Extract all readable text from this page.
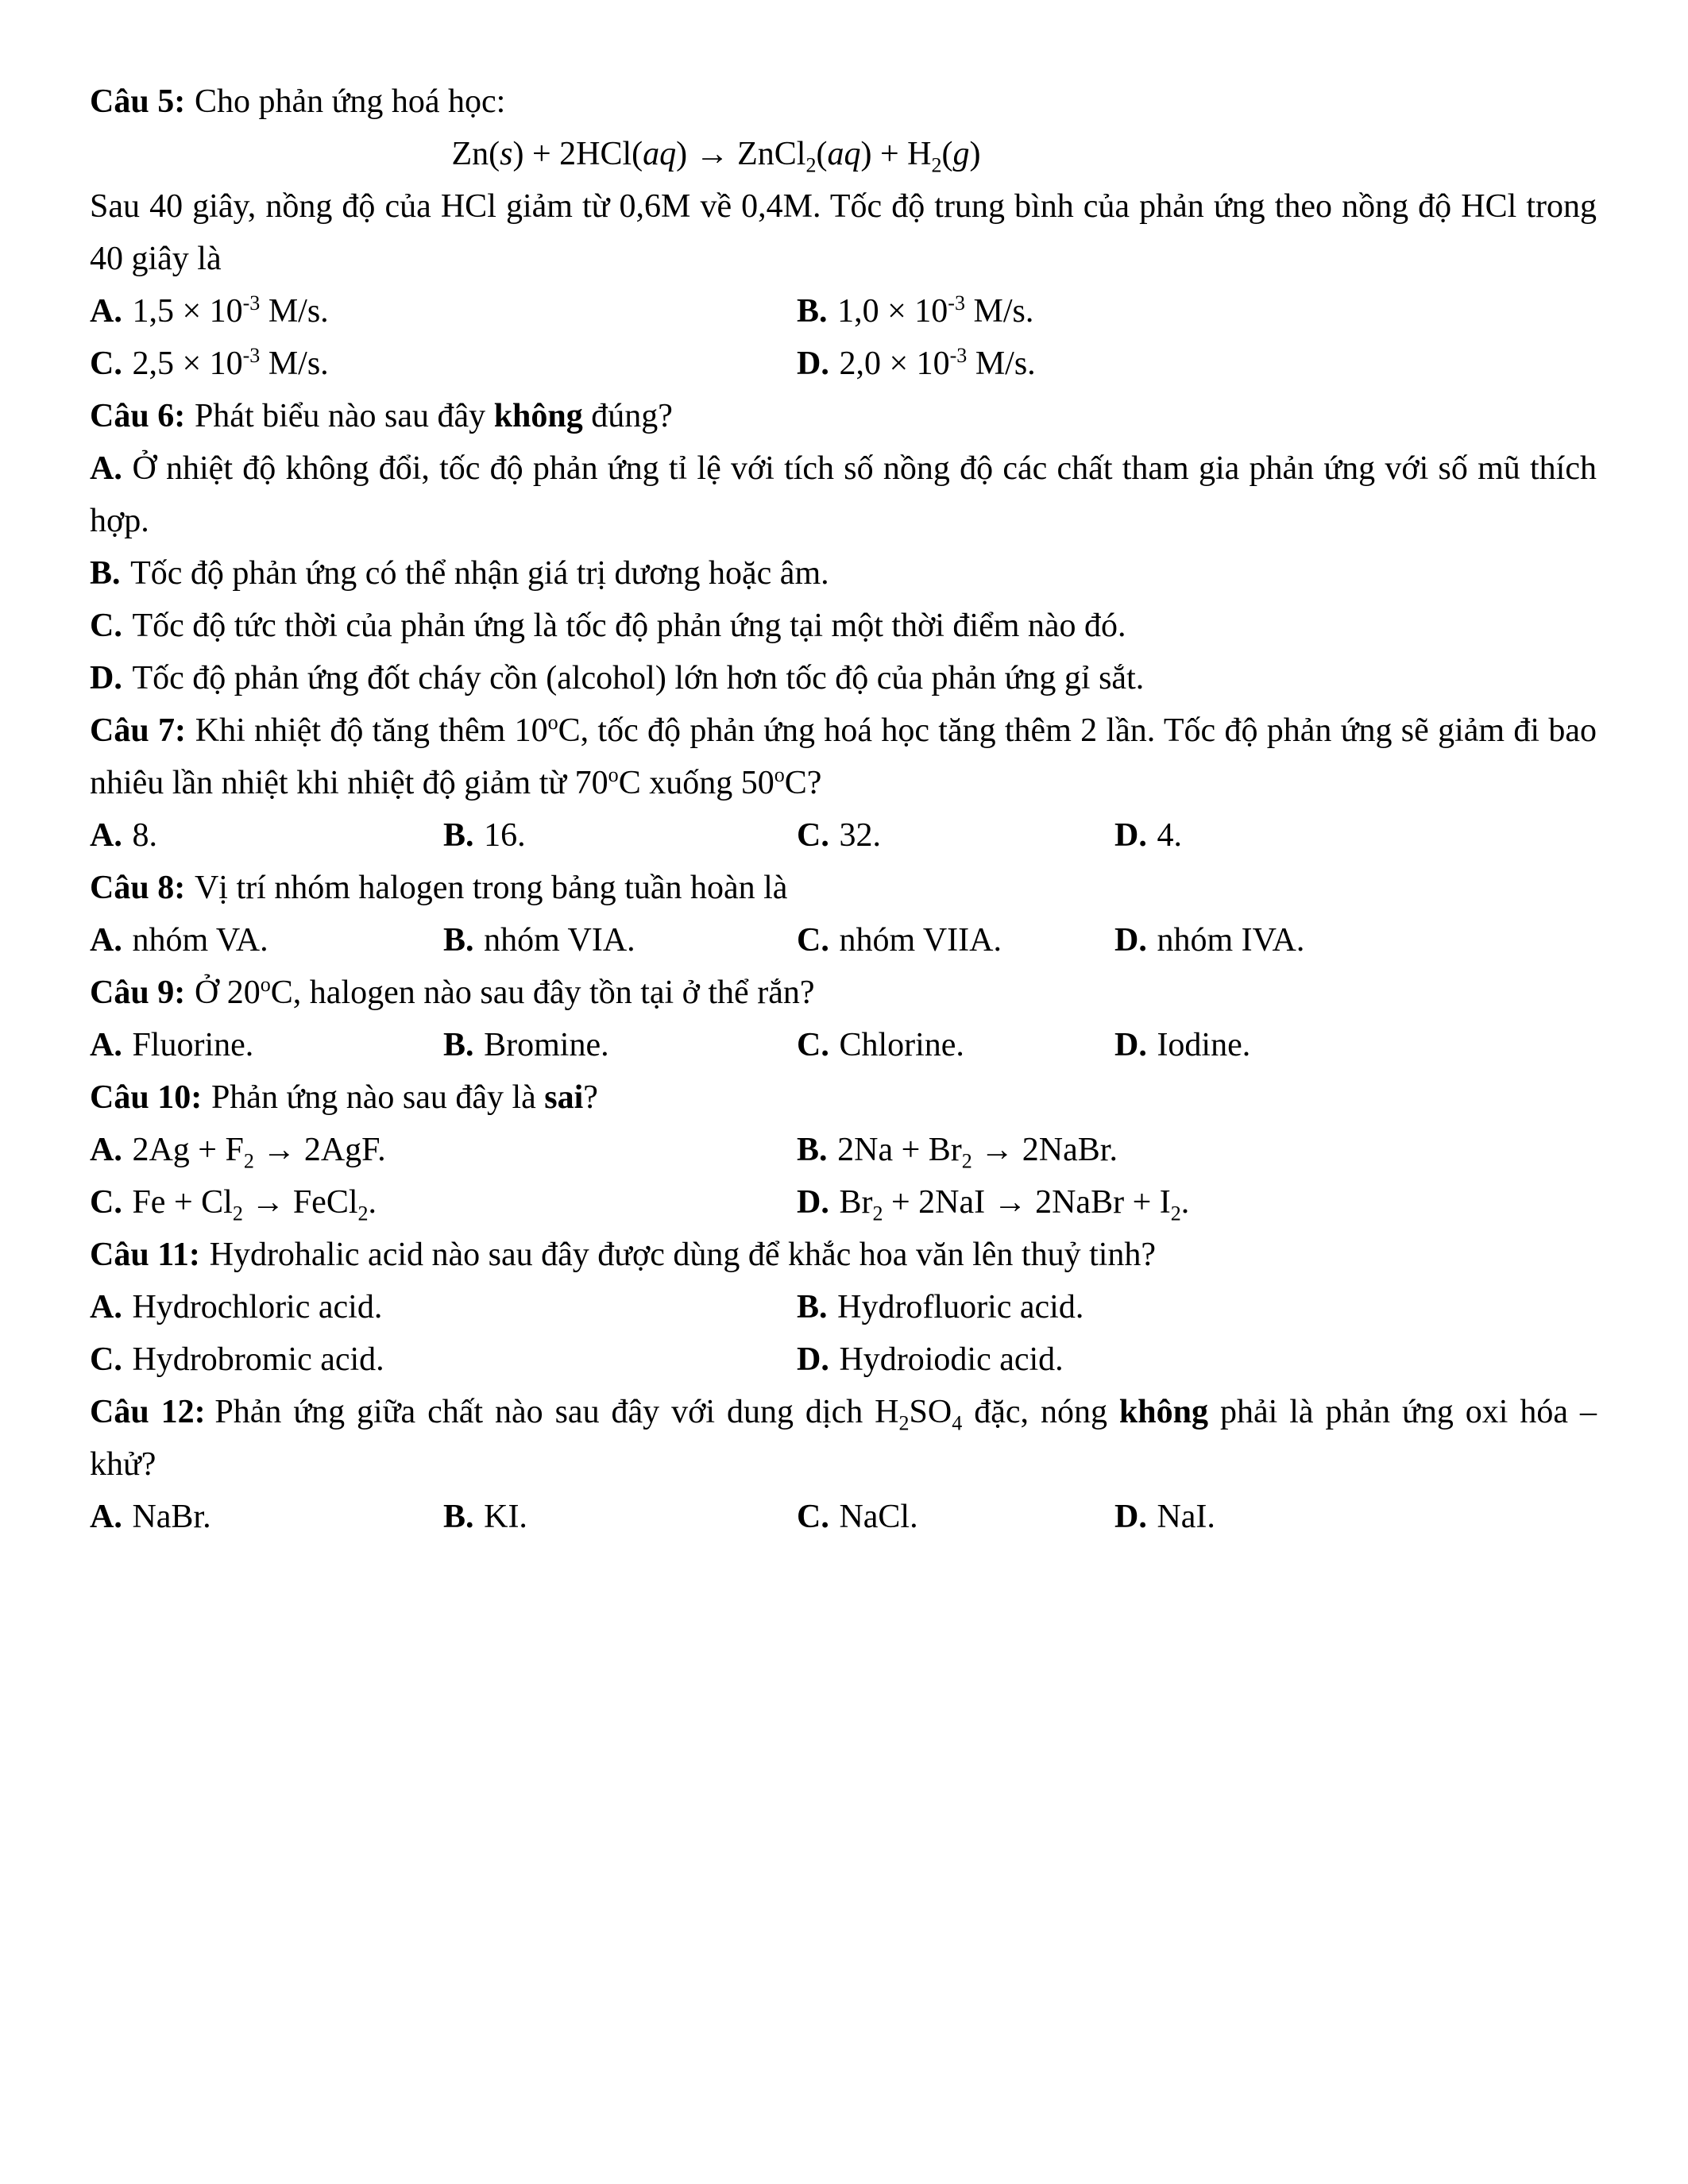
Câu 5: Cho phản ứng hoá học:

Zn(s) + 2HCl(aq) → ZnCl$_2$(aq) + $H_2(g)$

Sau 40 giây, nồng độ của HCl giảm từ 0,6M về 0,4M. Tốc độ trung bình của phản ứng theo nồng độ HCl trong 40 giây là

A. $1,5 \times 10^{-3}$ M/s.	B. $1,0 \times 10^{-3}$ M/s.

C. $2,5 \times 10^{-3}$ M/s.	D. $2,0 \times 10^{-3}$ M/s.

Câu 6: Phát biểu nào sau đây không đúng?

A. Ở nhiệt độ không đổi, tốc độ phản ứng tỉ lệ với tích số nồng độ các chất tham gia phản ứng với số mũ thích hợp.

B. Tốc độ phản ứng có thể nhận giá trị dương hoặc âm.

C. Tốc độ tức thời của phản ứng là tốc độ phản ứng tại một thời điểm nào đó.

D. Tốc độ phản ứng đốt cháy cồn (alcohol) lớn hơn tốc độ của phản ứng gỉ sắt.

Câu 7: Khi nhiệt độ tăng thêm 10$^o$C, tốc độ phản ứng hoá học tăng thêm 2 lần. Tốc độ phản ứng sẽ giảm đi bao nhiêu lần nhiệt khi nhiệt độ giảm từ 70$^o$C xuống 50$^o$C?

A. 8.	B. 16.	C. 32.	D. 4.

Câu 8: Vị trí nhóm halogen trong bảng tuần hoàn là

A. nhóm VA.	B. nhóm VIA.	C. nhóm VIIA.	D. nhóm IVA.

Câu 9: Ở 20$^o$C, halogen nào sau đây tồn tại ở thể rắn?

A. Fluorine.	B. Bromine.	C. Chlorine.	D. Iodine.

Câu 10: Phản ứng nào sau đây là sai?

A. $2Ag + F_2 \to 2AgF$.	B. $2Na + Br_2$ → 2NaBr.

C. $Fe + Cl_2$ → FeCl$_2$.	D. $Br_2 + 2NaI$ → 2NaBr + $I_2$.

Câu 11: Hydrohalic acid nào sau đây được dùng để khắc hoa văn lên thuỷ tinh?

A. Hydrochloric acid.	B. Hydrofluoric acid.

C. Hydrobromic acid.	D. Hydroiodic acid.

Câu 12: Phản ứng giữa chất nào sau đây với dung dịch $H_2SO_4$ đặc, nóng không phải là phản ứng oxi hóa – khử?

A. NaBr.	B. KI.	C. NaCl.	D. NaI.
